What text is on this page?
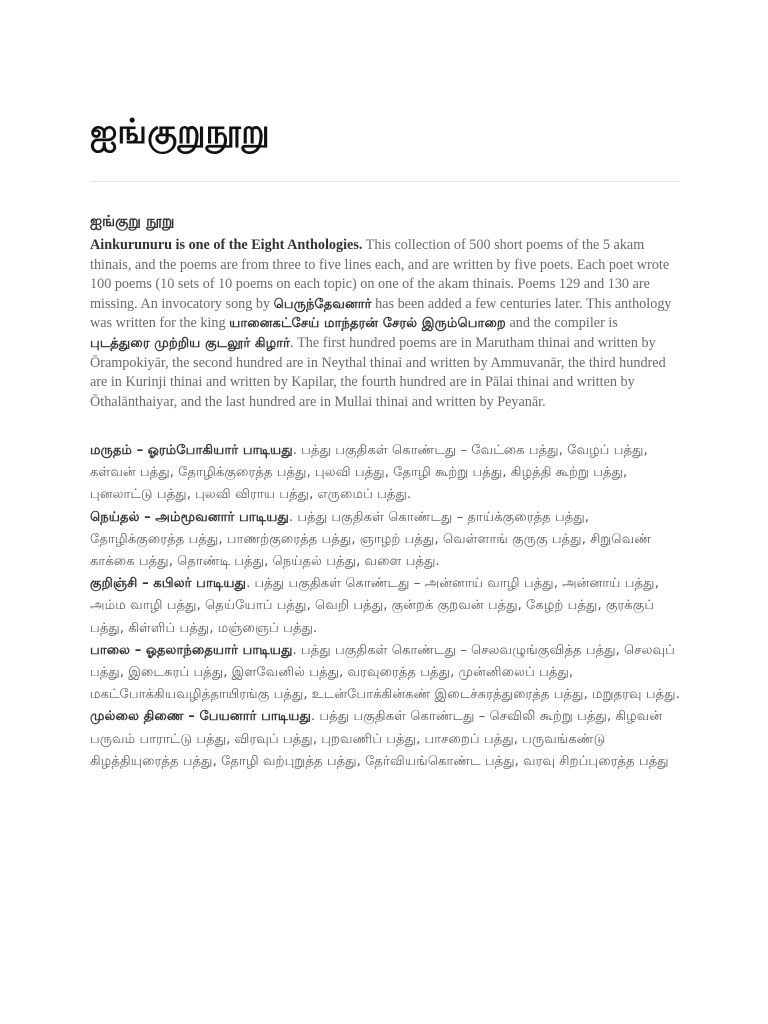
ஐங்குறுநூறு
ஐங்குறு நூறு
Ainkurunuru is one of the Eight Anthologies. This collection of 500 short poems of the 5 akam thinais, and the poems are from three to five lines each, and are written by five poets. Each poet wrote 100 poems (10 sets of 10 poems on each topic) on one of the akam thinais. Poems 129 and 130 are missing. An invocatory song by பெருந்தேவனார் has been added a few centuries later. This anthology was written for the king யானைகட்சேய் மாந்தரன் சேரல் இரும்பொறை and the compiler is புடத்துரை முற்றிய குடலூர் கிழார். The first hundred poems are in Marutham thinai and written by Ōrampokiyār, the second hundred are in Neythal thinai and written by Ammuvanār, the third hundred are in Kurinji thinai and written by Kapilar, the fourth hundred are in Pālai thinai and written by Ōthalānthaiyar, and the last hundred are in Mullai thinai and written by Peyanār.

மருதம் – ஓரம்போகியார் பாடியது. பத்து பகுதிகள் கொண்டது – வேட்கை பத்து, வேழப் பத்து, கள்வன் பத்து, தோழிக்குரைத்த பத்து, புலவி பத்து, தோழி கூற்று பத்து, கிழத்தி கூற்று பத்து, புனலாட்டு பத்து, புலவி விராய பத்து, எருமைப் பத்து.

நெய்தல் – அம்மூவனார் பாடியது. பத்து பகுதிகள் கொண்டது – தாய்க்குரைத்த பத்து, தோழிக்குரைத்த பத்து, பாணற்குரைத்த பத்து, ஞாழற் பத்து, வெள்ளாங் குருகு பத்து, சிறுவெண் காக்கை பத்து, தொண்டி பத்து, நெய்தல் பத்து, வளை பத்து.

குறிஞ்சி – கபிலர் பாடியது. பத்து பகுதிகள் கொண்டது – அன்னாய் வாழி பத்து, அன்னாய் பத்து, அம்ம வாழி பத்து, தெய்யோப் பத்து, வெறி பத்து, குன்றக் குறவன் பத்து, கேழற் பத்து, குரக்குப் பத்து, கிள்ளிப் பத்து, மஞ்ஞைப் பத்து.

பாலை – ஓதலாந்தையார் பாடியது. பத்து பகுதிகள் கொண்டது – செலவழுங்குவித்த பத்து, செலவுப் பத்து, இடைசுரப் பத்து, இளவேனில் பத்து, வரவுரைத்த பத்து, முன்னிலைப் பத்து, மகட்போக்கியவழித்தாயிரங்கு பத்து, உடன்போக்கின்கண் இடைச்சுரத்துரைத்த பத்து, மறுதரவு பத்து.

முல்லை திணை – பேயனார் பாடியது. பத்து பகுதிகள் கொண்டது – செவிலி கூற்று பத்து, கிழவன் பருவம் பாராட்டு பத்து, விரவுப் பத்து, புறவணிப் பத்து, பாசறைப் பத்து, பருவங்கண்டு கிழத்தியுரைத்த பத்து, தோழி வற்புறுத்த பத்து, தேர்வியங்கொண்ட பத்து, வரவு சிறப்புரைத்த பத்து
